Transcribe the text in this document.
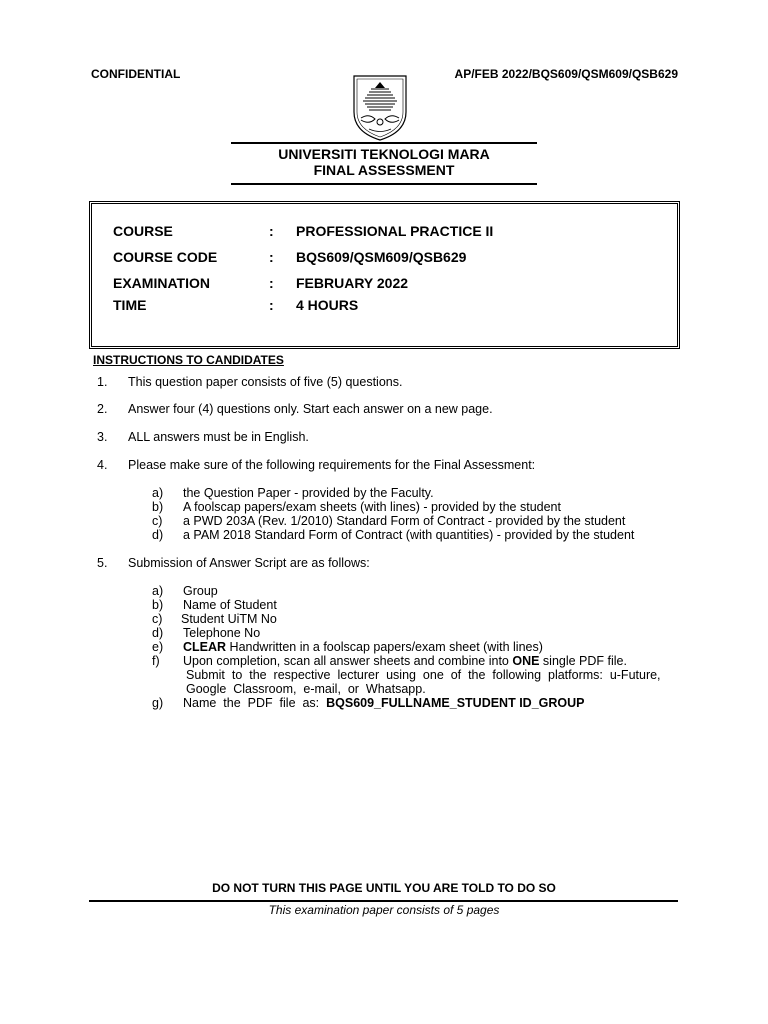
CONFIDENTIAL	AP/FEB 2022/BQS609/QSM609/QSB629
UNIVERSITI TEKNOLOGI MARA
FINAL ASSESSMENT
COURSE	: PROFESSIONAL PRACTICE II
COURSE CODE	: BQS609/QSM609/QSB629
EXAMINATION	: FEBRUARY 2022
TIME	: 4 HOURS
INSTRUCTIONS TO CANDIDATES
1. This question paper consists of five (5) questions.
2. Answer four (4) questions only. Start each answer on a new page.
3. ALL answers must be in English.
4. Please make sure of the following requirements for the Final Assessment:
a) the Question Paper - provided by the Faculty.
b) A foolscap papers/exam sheets (with lines) - provided by the student
c) a PWD 203A (Rev. 1/2010) Standard Form of Contract - provided by the student
d) a PAM 2018 Standard Form of Contract (with quantities) - provided by the student
5. Submission of Answer Script are as follows:
a) Group
b) Name of Student
c) Student UiTM No
d) Telephone No
e) CLEAR Handwritten in a foolscap papers/exam sheet (with lines)
f) Upon completion, scan all answer sheets and combine into ONE single PDF file.
Submit  to  the  respective  lecturer  using  one  of  the  following  platforms:  u-Future,
Google  Classroom,  e-mail,  or  Whatsapp.
g) Name  the  PDF  file  as:  BQS609_FULLNAME_STUDENT ID_GROUP
DO NOT TURN THIS PAGE UNTIL YOU ARE TOLD TO DO SO
This examination paper consists of 5 pages
